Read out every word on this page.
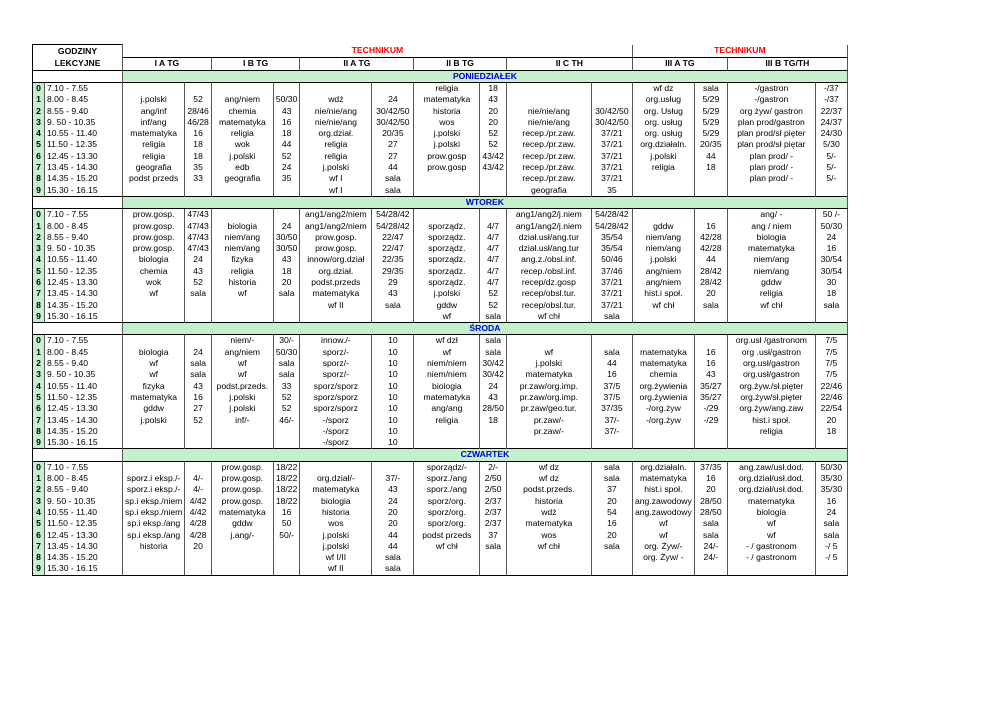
GODZINY LEKCYJNE		TECHNIKUM										TECHNIKUM			
		I A TG		I B TG		II A TG		II B TG		II C TH		III A TG		III B TG/TH	
		PONIEDZIAŁEK													
0	7.10 - 7.55							religia	18			wf dz	sala	-/gastron	-/37
1	8.00 - 8.45	j.polski	52	ang/niem	50/30	wdż	24	matematyka	43			org.usług	5/29	-/gastron	-/37
2	8.55 - 9.40	ang/inf	28/46	chemia	43	nie/nie/ang	30/42/50	historia	20	nie/nie/ang	30/42/50	org. Usług	5/29	org żyw/ gastron	22/37
3	9. 50 - 10.35	inf/ang	46/28	matematyka	16	nie/nie/ang	30/42/50	wos	20	nie/nie/ang	30/42/50	org. usług	5/29	plan prod/gastron	24/37
4	10.55 - 11.40	matematyka	16	religia	18	org.dział.	20/35	j.polski	52	recep./pr.zaw.	37/21	org. usług	5/29	plan prod/sł pięter	24/30
5	11.50 - 12.35	religia	18	wok	44	religia	27	j.polski	52	recep./pr.zaw.	37/21	org.działaln.	20/35	plan prod/sł piętar	5/30
6	12.45 - 13.30	religia	18	j.polski	52	religia	27	prow.gosp	43/42	recep./pr.zaw.	37/21	j.polski	44	plan prod/ -	5/-
7	13.45 - 14.30	geografia	35	edb	24	j.polski	44	prow.gosp	43/42	recep./pr.zaw.	37/21	religia	18	plan prod/ -	5/-
8	14.35 - 15.20	podst przeds	33	geografia	35	wf I	sala			recep./pr.zaw.	37/21			plan prod/ -	5/-
9	15.30 - 16.15					wf I	sala			geografia	35				
		WTOREK													
0	7.10 - 7.55	prow.gosp.	47/43			ang1/ang2/niem	54/28/42			ang1/ang2/j.niem	54/28/42			ang/ -	50 /-
1	8.00 - 8.45	prow.gosp.	47/43	biologia	24	ang1/ang2/niem	54/28/42	sporządz.	4/7	ang1/ang2/j.niem	54/28/42	gddw	16	ang / niem	50/30
2	8.55 - 9.40	prow.gosp.	47/43	niem/ang	30/50	prow.gosp.	22/47	sporządz.	4/7	dział.usł/ang.tur	35/54	niem/ang	42/28	biologia	24
3	9. 50 - 10.35	prow.gosp.	47/43	niem/ang	30/50	prow.gosp.	22/47	sporządz.	4/7	dział.usł/ang.tur	35/54	niem/ang	42/28	matematyka	16
4	10.55 - 11.40	biologia	24	fizyka	43	innow/org.dział	22/35	sporządz.	4/7	ang.z./obsl.inf.	50/46	j.polski	44	niem/ang	30/54
5	11.50 - 12.35	chemia	43	religia	18	org.dział.	29/35	sporządz.	4/7	recep./obsl.inf.	37/46	ang/niem	28/42	niem/ang	30/54
6	12.45 - 13.30	wok	52	historia	20	podst.przeds	29	sporządz.	4/7	recep/dz.gosp	37/21	ang/niem	28/42	gddw	30
7	13.45 - 14.30	wf	sala	wf	sala	matematyka	43	j.polski	52	recep/obsl.tur.	37/21	hist.i społ.	20	religia	18
8	14.35 - 15.20					wf II	sala	gddw	52	recep/obsl.tur.	37/21	wf chł	sala	wf chł	sala
9	15.30 - 16.15							wf	sala	wf chł	sala				
		ŚRODA													
0	7.10 - 7.55			niem/-	30/-	innow./-	10	wf dzł	sala					org.usł /gastronom	7/5
1	8.00 - 8.45	biologia	24	ang/niem	50/30	sporz/-	10	wf	sala	wf	sala	matematyka	16	org .usł/gastron	7/5
2	8.55 - 9.40	wf	sala	wf	sala	sporz/-	10	niem/niem	30/42	j.polski	44	matematyka	16	org.usł/gastron	7/5
3	9. 50 - 10.35	wf	sala	wf	sala	sporz/-	10	niem/niem	30/42	matematyka	16	chemia	43	org.usł/gastron	7/5
4	10.55 - 11.40	fizyka	43	podst.przeds.	33	sporz/sporz	10	biologia	24	pr.zaw/org.imp.	37/5	org.żywienia	35/27	org.żyw./sł.pięter	22/46
5	11.50 - 12.35	matematyka	16	j.polski	52	sporz/sporz	10	matematyka	43	pr.zaw/org.imp.	37/5	org.żywienia	35/27	org.żyw/sł.pięter	22/46
6	12.45 - 13.30	gddw	27	j.polski	52	sporz/sporz	10	ang/ang	28/50	pr.zaw/geo.tur.	37/35	-/org.żyw	-/29	org.żyw/ang.zaw	22/54
7	13.45 - 14.30	j.polski	52	inf/-	46/-	-/sporz	10	religia	18	pr.zaw/-	37/-	-/org.żyw	-/29	hist.i społ.	20
8	14.35 - 15.20					-/sporz	10			pr.zaw/-	37/-			religia	18
9	15.30 - 16.15					-/sporz	10								
		CZWARTEK													
0	7.10 - 7.55			prow.gosp.	18/22			sporządz/-	2/-	wf dz	sala	org.działaln.	37/35	ang.zaw/usł.dod.	50/30
1	8.00 - 8.45	sporz.i eksp./-	4/-	prow.gosp.	18/22	org.dział/-	37/-	sporz./ang	2/50	wf dz	sala	matematyka	16	org.dział/usł.dod.	35/30
2	8.55 - 9.40	sporz.i eksp./-	4/-	prow.gosp.	18/22	matematyka	43	sporz./ang	2/50	podst.przeds.	37	hist.i społ.	20	org.dział/usł.dod.	35/30
3	9. 50 - 10.35	sp.i eksp./niem	4/42	prow.gosp.	18/22	biologia	24	sporz/org.	2/37	historia	20	ang.zawodowy	28/50	matematyka	16
4	10.55 - 11.40	sp.i eksp./niem	4/42	matematyka	16	historia	20	sporz/org.	2/37	wdż	54	ang.zawodowy	28/50	biologia	24
5	11.50 - 12.35	sp.i eksp./ang	4/28	gddw	50	wos	20	sporz/org.	2/37	matematyka	16	wf	sala	wf	sala
6	12.45 - 13.30	sp.i eksp./ang	4/28	j.ang/-	50/-	j.polski	44	podst przeds	37	wos	20	wf	sala	wf	sala
7	13.45 - 14.30	historia	20			j.polski	44	wf chł	sala	wf chł	sala	org. Żyw/-	24/-	- / gastronom	-/ 5
8	14.35 - 15.20					wf I/II	sala					org. Żyw/ -	24/-	- / gastronom	-/ 5
9	15.30 - 16.15					wf II	sala								
